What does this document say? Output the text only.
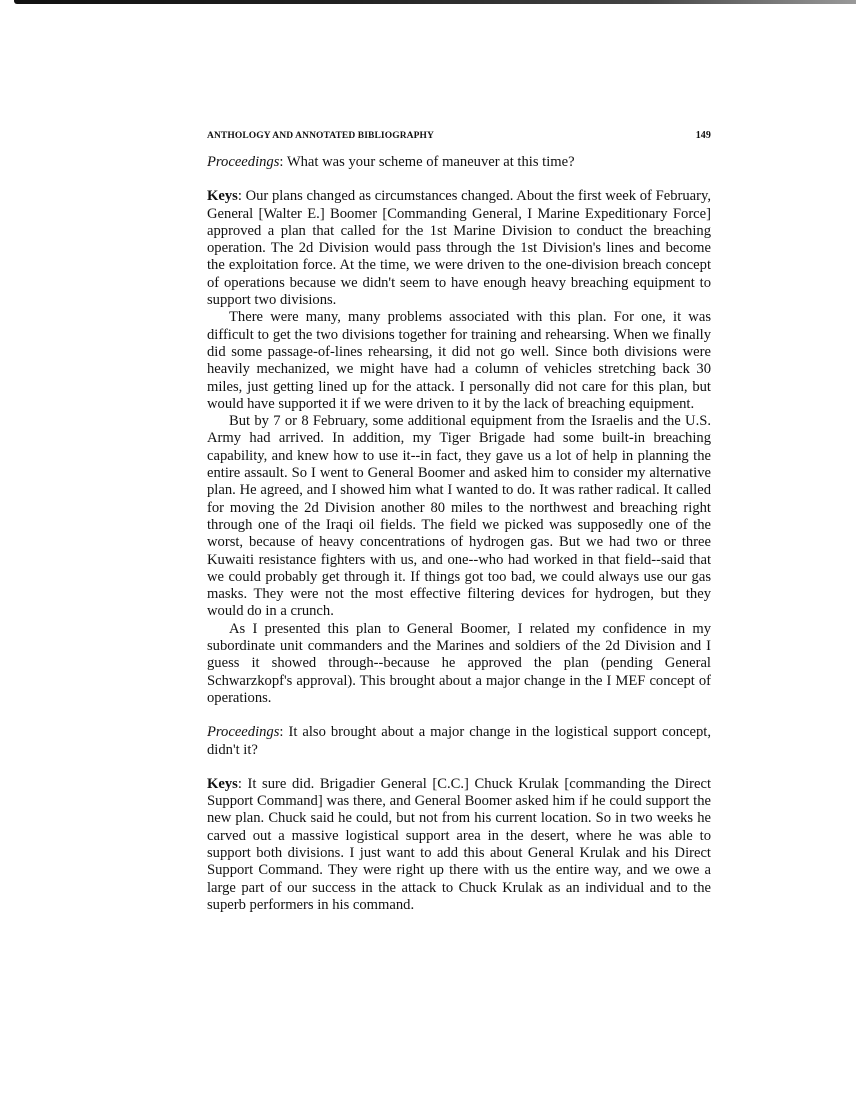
ANTHOLOGY AND ANNOTATED BIBLIOGRAPHY	149

Proceedings: What was your scheme of maneuver at this time?

Keys: Our plans changed as circumstances changed. About the first week of February, General [Walter E.] Boomer [Commanding General, I Marine Expeditionary Force] approved a plan that called for the 1st Marine Division to conduct the breaching operation. The 2d Division would pass through the 1st Division's lines and become the exploitation force. At the time, we were driven to the one-division breach concept of operations because we didn't seem to have enough heavy breaching equipment to support two divisions.

There were many, many problems associated with this plan. For one, it was difficult to get the two divisions together for training and rehearsing. When we finally did some passage-of-lines rehearsing, it did not go well. Since both divisions were heavily mechanized, we might have had a column of vehicles stretching back 30 miles, just getting lined up for the attack. I personally did not care for this plan, but would have supported it if we were driven to it by the lack of breaching equipment.

But by 7 or 8 February, some additional equipment from the Israelis and the U.S. Army had arrived. In addition, my Tiger Brigade had some built-in breaching capability, and knew how to use it--in fact, they gave us a lot of help in planning the entire assault. So I went to General Boomer and asked him to consider my alternative plan. He agreed, and I showed him what I wanted to do. It was rather radical. It called for moving the 2d Division another 80 miles to the northwest and breaching right through one of the Iraqi oil fields. The field we picked was supposedly one of the worst, because of heavy concentrations of hydrogen gas. But we had two or three Kuwaiti resistance fighters with us, and one--who had worked in that field--said that we could probably get through it. If things got too bad, we could always use our gas masks. They were not the most effective filtering devices for hydrogen, but they would do in a crunch.

As I presented this plan to General Boomer, I related my confidence in my subordinate unit commanders and the Marines and soldiers of the 2d Division and I guess it showed through--because he approved the plan (pending General Schwarzkopf's approval). This brought about a major change in the I MEF concept of operations.

Proceedings: It also brought about a major change in the logistical support concept, didn't it?

Keys: It sure did. Brigadier General [C.C.] Chuck Krulak [commanding the Direct Support Command] was there, and General Boomer asked him if he could support the new plan. Chuck said he could, but not from his current location. So in two weeks he carved out a massive logistical support area in the desert, where he was able to support both divisions. I just want to add this about General Krulak and his Direct Support Command. They were right up there with us the entire way, and we owe a large part of our success in the attack to Chuck Krulak as an individual and to the superb performers in his command.
